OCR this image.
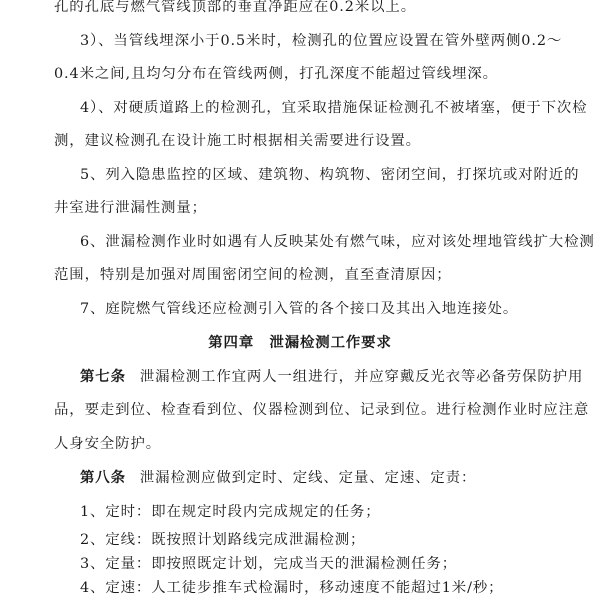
孔的孔底与燃气管线顶部的垂直净距应在0.2米以上。
3）、当管线埋深小于0.5米时，检测孔的位置应设置在管外壁两侧0.2～
0.4米之间,且均匀分布在管线两侧，打孔深度不能超过管线埋深。
4）、对硬质道路上的检测孔，宜采取措施保证检测孔不被堵塞，便于下次检
测，建议检测孔在设计施工时根据相关需要进行设置。
5、列入隐患监控的区域、建筑物、构筑物、密闭空间，打探坑或对附近的
井室进行泄漏性测量；
6、泄漏检测作业时如遇有人反映某处有燃气味，应对该处埋地管线扩大检测
范围，特别是加强对周围密闭空间的检测，直至查清原因；
7、庭院燃气管线还应检测引入管的各个接口及其出入地连接处。
第四章　泄漏检测工作要求
第七条 泄漏检测工作宜两人一组进行，并应穿戴反光衣等必备劳保防护用
品，要走到位、检查看到位、仪器检测到位、记录到位。进行检测作业时应注意
人身安全防护。
第八条 泄漏检测应做到定时、定线、定量、定速、定责：
1、定时：即在规定时段内完成规定的任务；
2、定线：既按照计划路线完成泄漏检测；
3、定量：即按照既定计划，完成当天的泄漏检测任务；
4、定速：人工徒步推车式检漏时，移动速度不能超过1米/秒；
